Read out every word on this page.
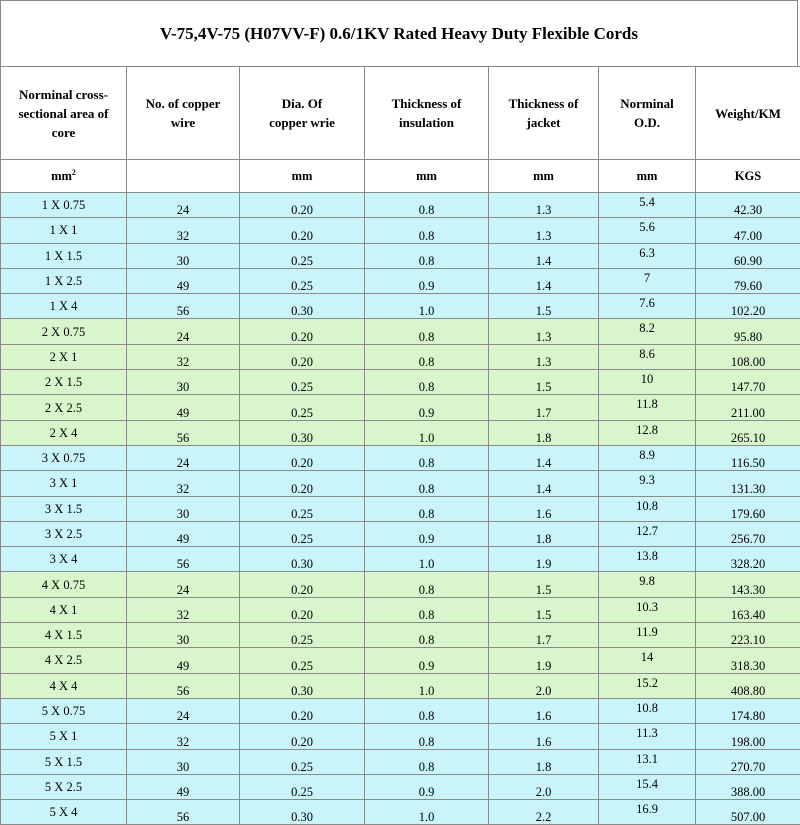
V-75,4V-75 (H07VV-F) 0.6/1KV Rated Heavy Duty Flexible Cords
Norminal cross-sectional area of core	No. of copper wire	Dia. Of copper wrie	Thickness of insulation	Thickness of jacket	Norminal O.D.	Weight/KM
$mm^2$		mm	mm	mm	mm	KGS
1 X 0.75	24	0.20	0.8	1.3	5.4	42.30
1 X 1	32	0.20	0.8	1.3	5.6	47.00
1 X 1.5	30	0.25	0.8	1.4	6.3	60.90
1 X 2.5	49	0.25	0.9	1.4	7	79.60
1 X 4	56	0.30	1.0	1.5	7.6	102.20
2 X 0.75	24	0.20	0.8	1.3	8.2	95.80
2 X 1	32	0.20	0.8	1.3	8.6	108.00
2 X 1.5	30	0.25	0.8	1.5	10	147.70
2 X 2.5	49	0.25	0.9	1.7	11.8	211.00
2 X 4	56	0.30	1.0	1.8	12.8	265.10
3 X 0.75	24	0.20	0.8	1.4	8.9	116.50
3 X 1	32	0.20	0.8	1.4	9.3	131.30
3 X 1.5	30	0.25	0.8	1.6	10.8	179.60
3 X 2.5	49	0.25	0.9	1.8	12.7	256.70
3 X 4	56	0.30	1.0	1.9	13.8	328.20
4 X 0.75	24	0.20	0.8	1.5	9.8	143.30
4 X 1	32	0.20	0.8	1.5	10.3	163.40
4 X 1.5	30	0.25	0.8	1.7	11.9	223.10
4 X 2.5	49	0.25	0.9	1.9	14	318.30
4 X 4	56	0.30	1.0	2.0	15.2	408.80
5 X 0.75	24	0.20	0.8	1.6	10.8	174.80
5 X 1	32	0.20	0.8	1.6	11.3	198.00
5 X 1.5	30	0.25	0.8	1.8	13.1	270.70
5 X 2.5	49	0.25	0.9	2.0	15.4	388.00
5 X 4	56	0.30	1.0	2.2	16.9	507.00
